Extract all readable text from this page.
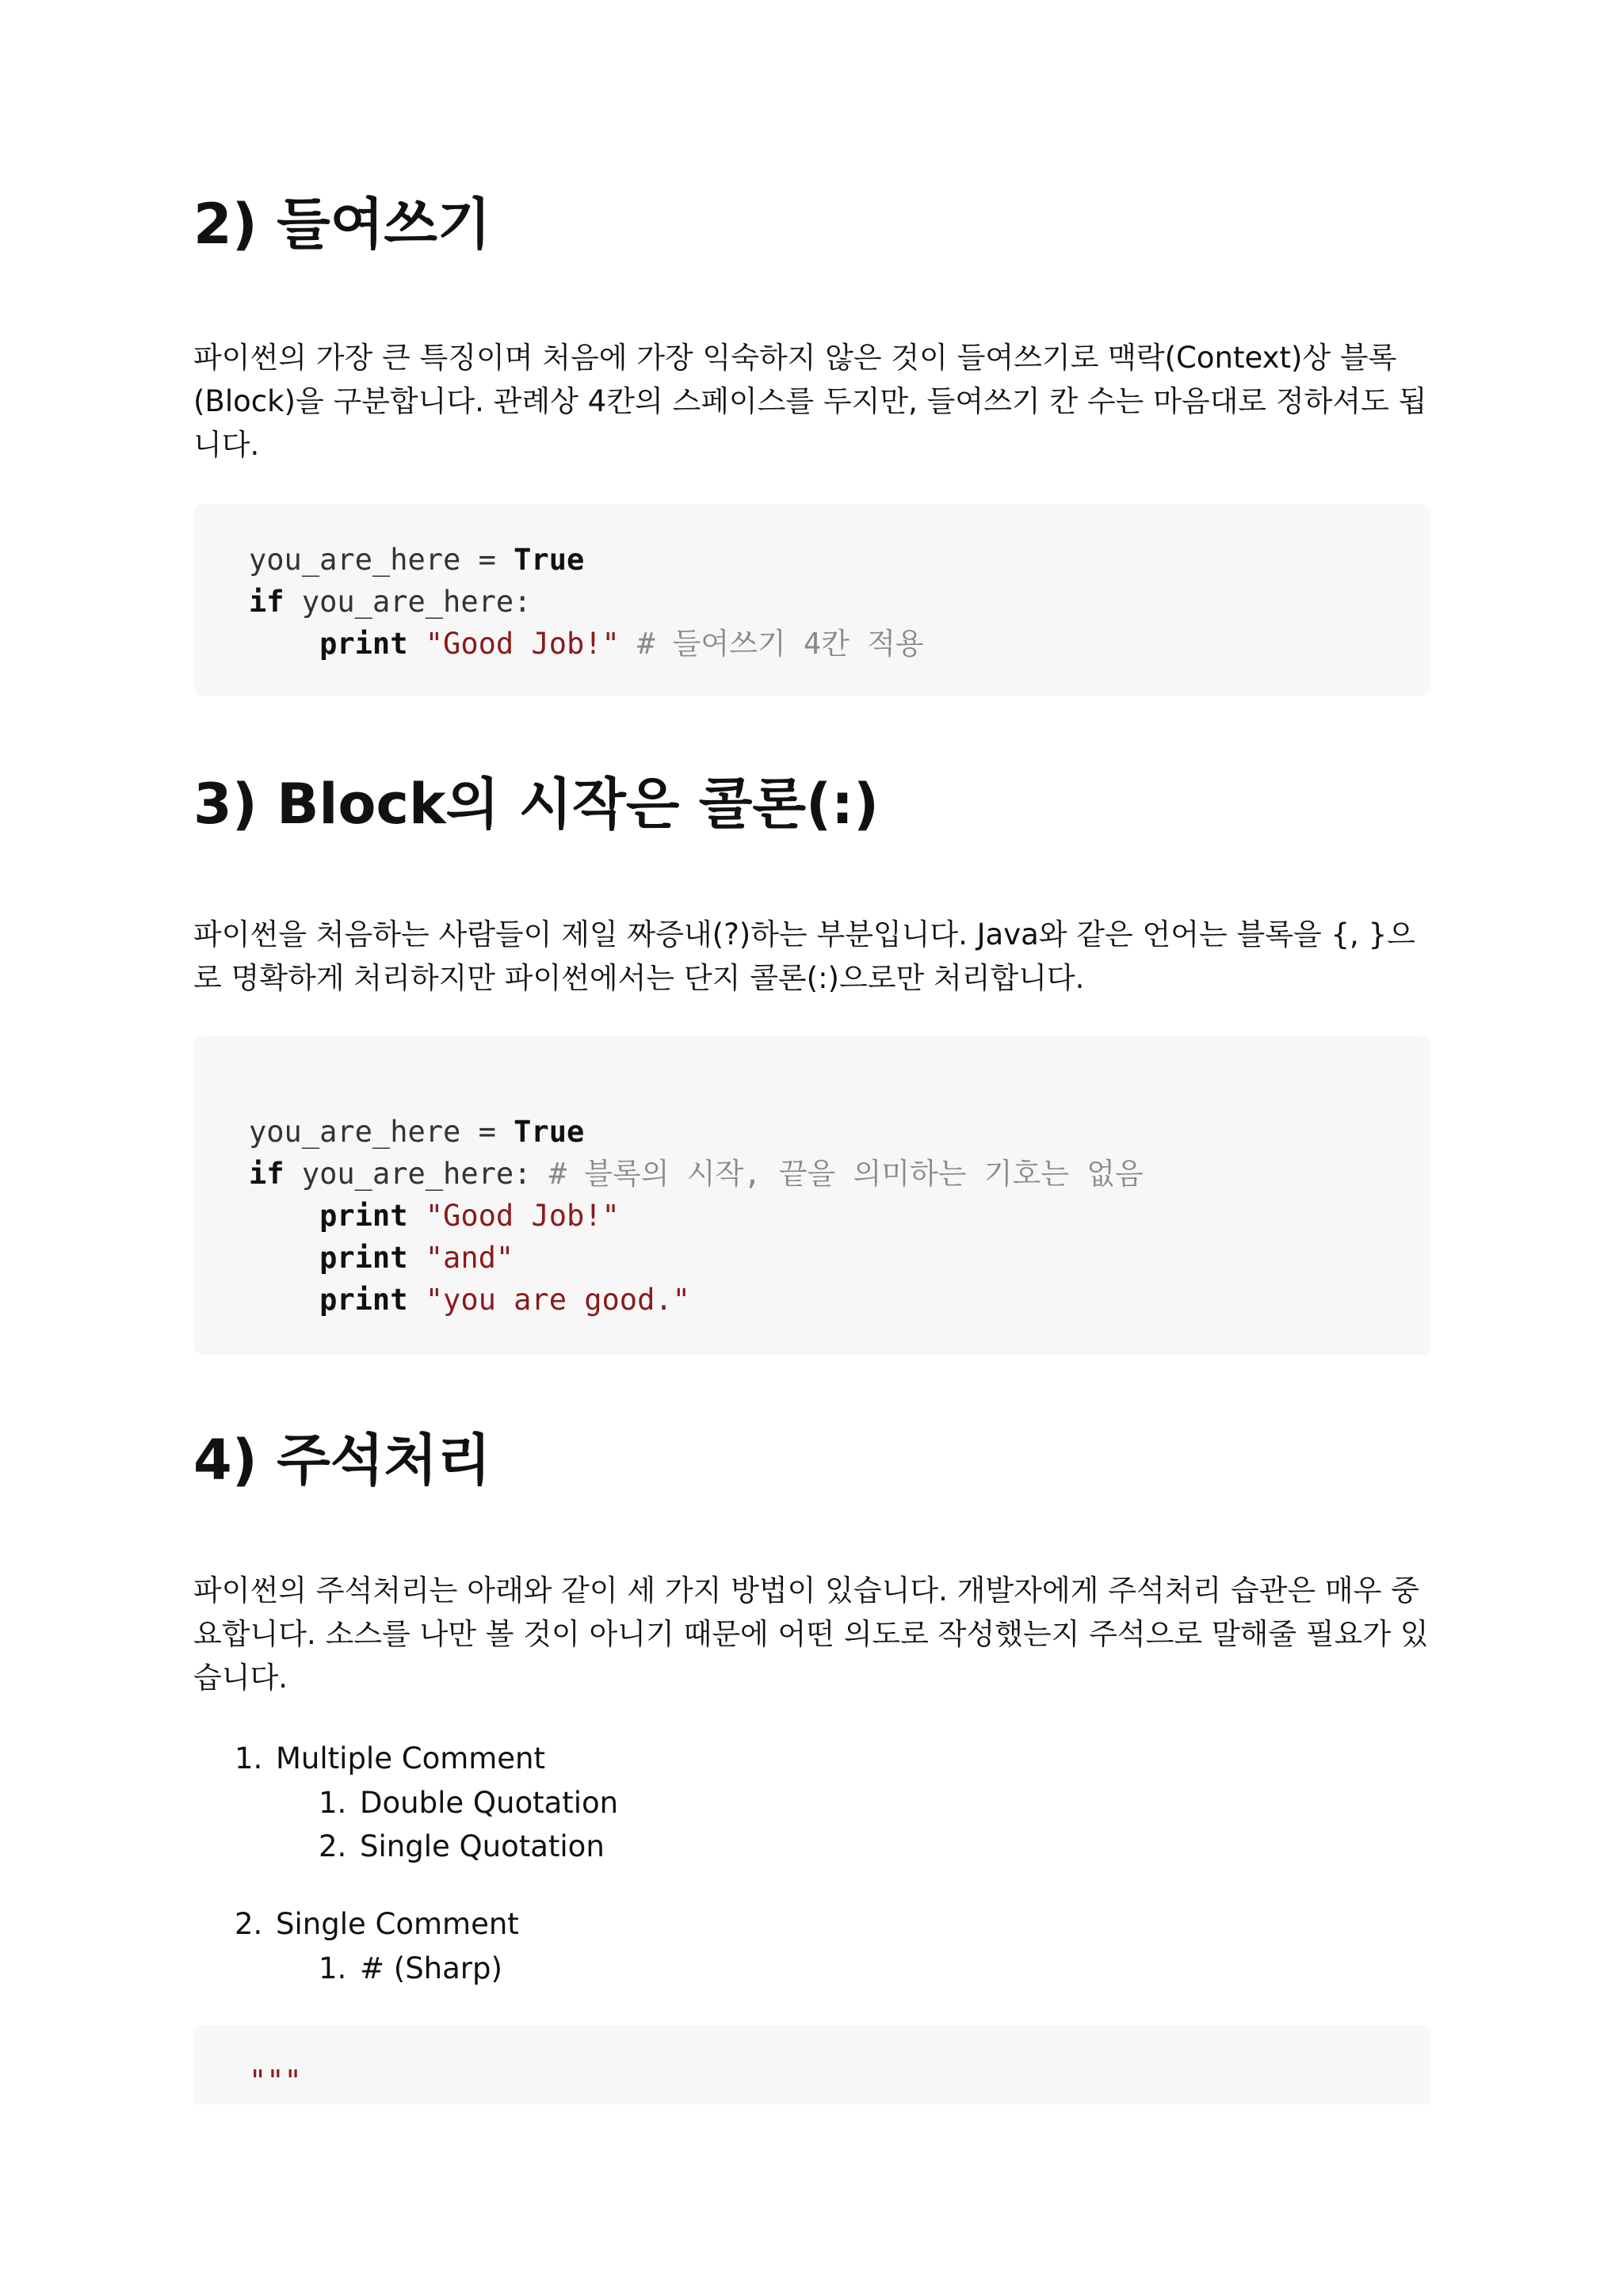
2) 들여쓰기

파이썬의 가장 큰 특징이며 처음에 가장 익숙하지 않은 것이 들여쓰기로 맥락(Context)상 블록(Block)을 구분합니다. 관례상 4칸의 스페이스를 두지만, 들여쓰기 칸 수는 마음대로 정하셔도 됩니다.

you_are_here = True
if you_are_here:
print "Good Job!" # 들여쓰기 4칸 적용
3) Block의 시작은 콜론(:)

파이썬을 처음하는 사람들이 제일 짜증내(?)하는 부분입니다. Java와 같은 언어는 블록을 {, }으로 명확하게 처리하지만 파이썬에서는 단지 콜론(:)으로만 처리합니다.

you_are_here = True
if you_are_here: # 블록의 시작, 끝을 의미하는 기호는 없음
print "Good Job!"
print "and"
print "you are good."
4) 주석처리

파이썬의 주석처리는 아래와 같이 세 가지 방법이 있습니다. 개발자에게 주석처리 습관은 매우 중요합니다. 소스를 나만 볼 것이 아니기 때문에 어떤 의도로 작성했는지 주석으로 말해줄 필요가 있습니다.

1. Multiple Comment
1. Double Quotation
2. Single Quotation
2. Single Comment
1. # (Sharp)
"""
